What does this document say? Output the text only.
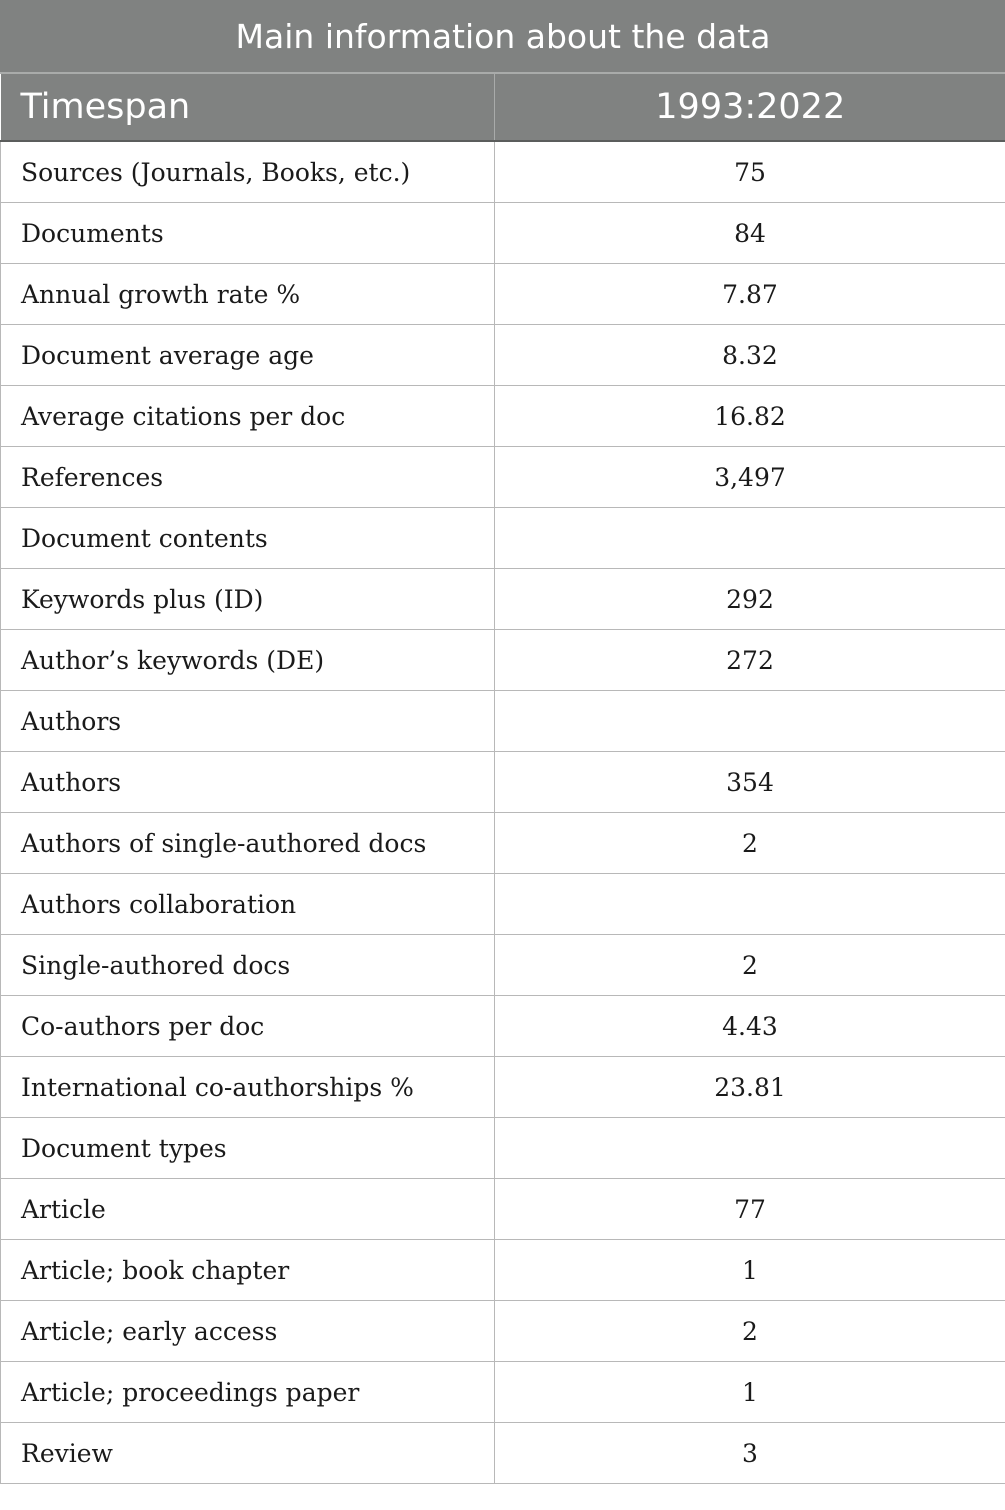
Main information about the data	
Timespan	1993:2022
Sources (Journals, Books, etc.)	75
Documents	84
Annual growth rate %	7.87
Document average age	8.32
Average citations per doc	16.82
References	3,497
Document contents	
Keywords plus (ID)	292
Author’s keywords (DE)	272
Authors	
Authors	354
Authors of single-authored docs	2
Authors collaboration	
Single-authored docs	2
Co-authors per doc	4.43
International co-authorships %	23.81
Document types	
Article	77
Article; book chapter	1
Article; early access	2
Article; proceedings paper	1
Review	3
